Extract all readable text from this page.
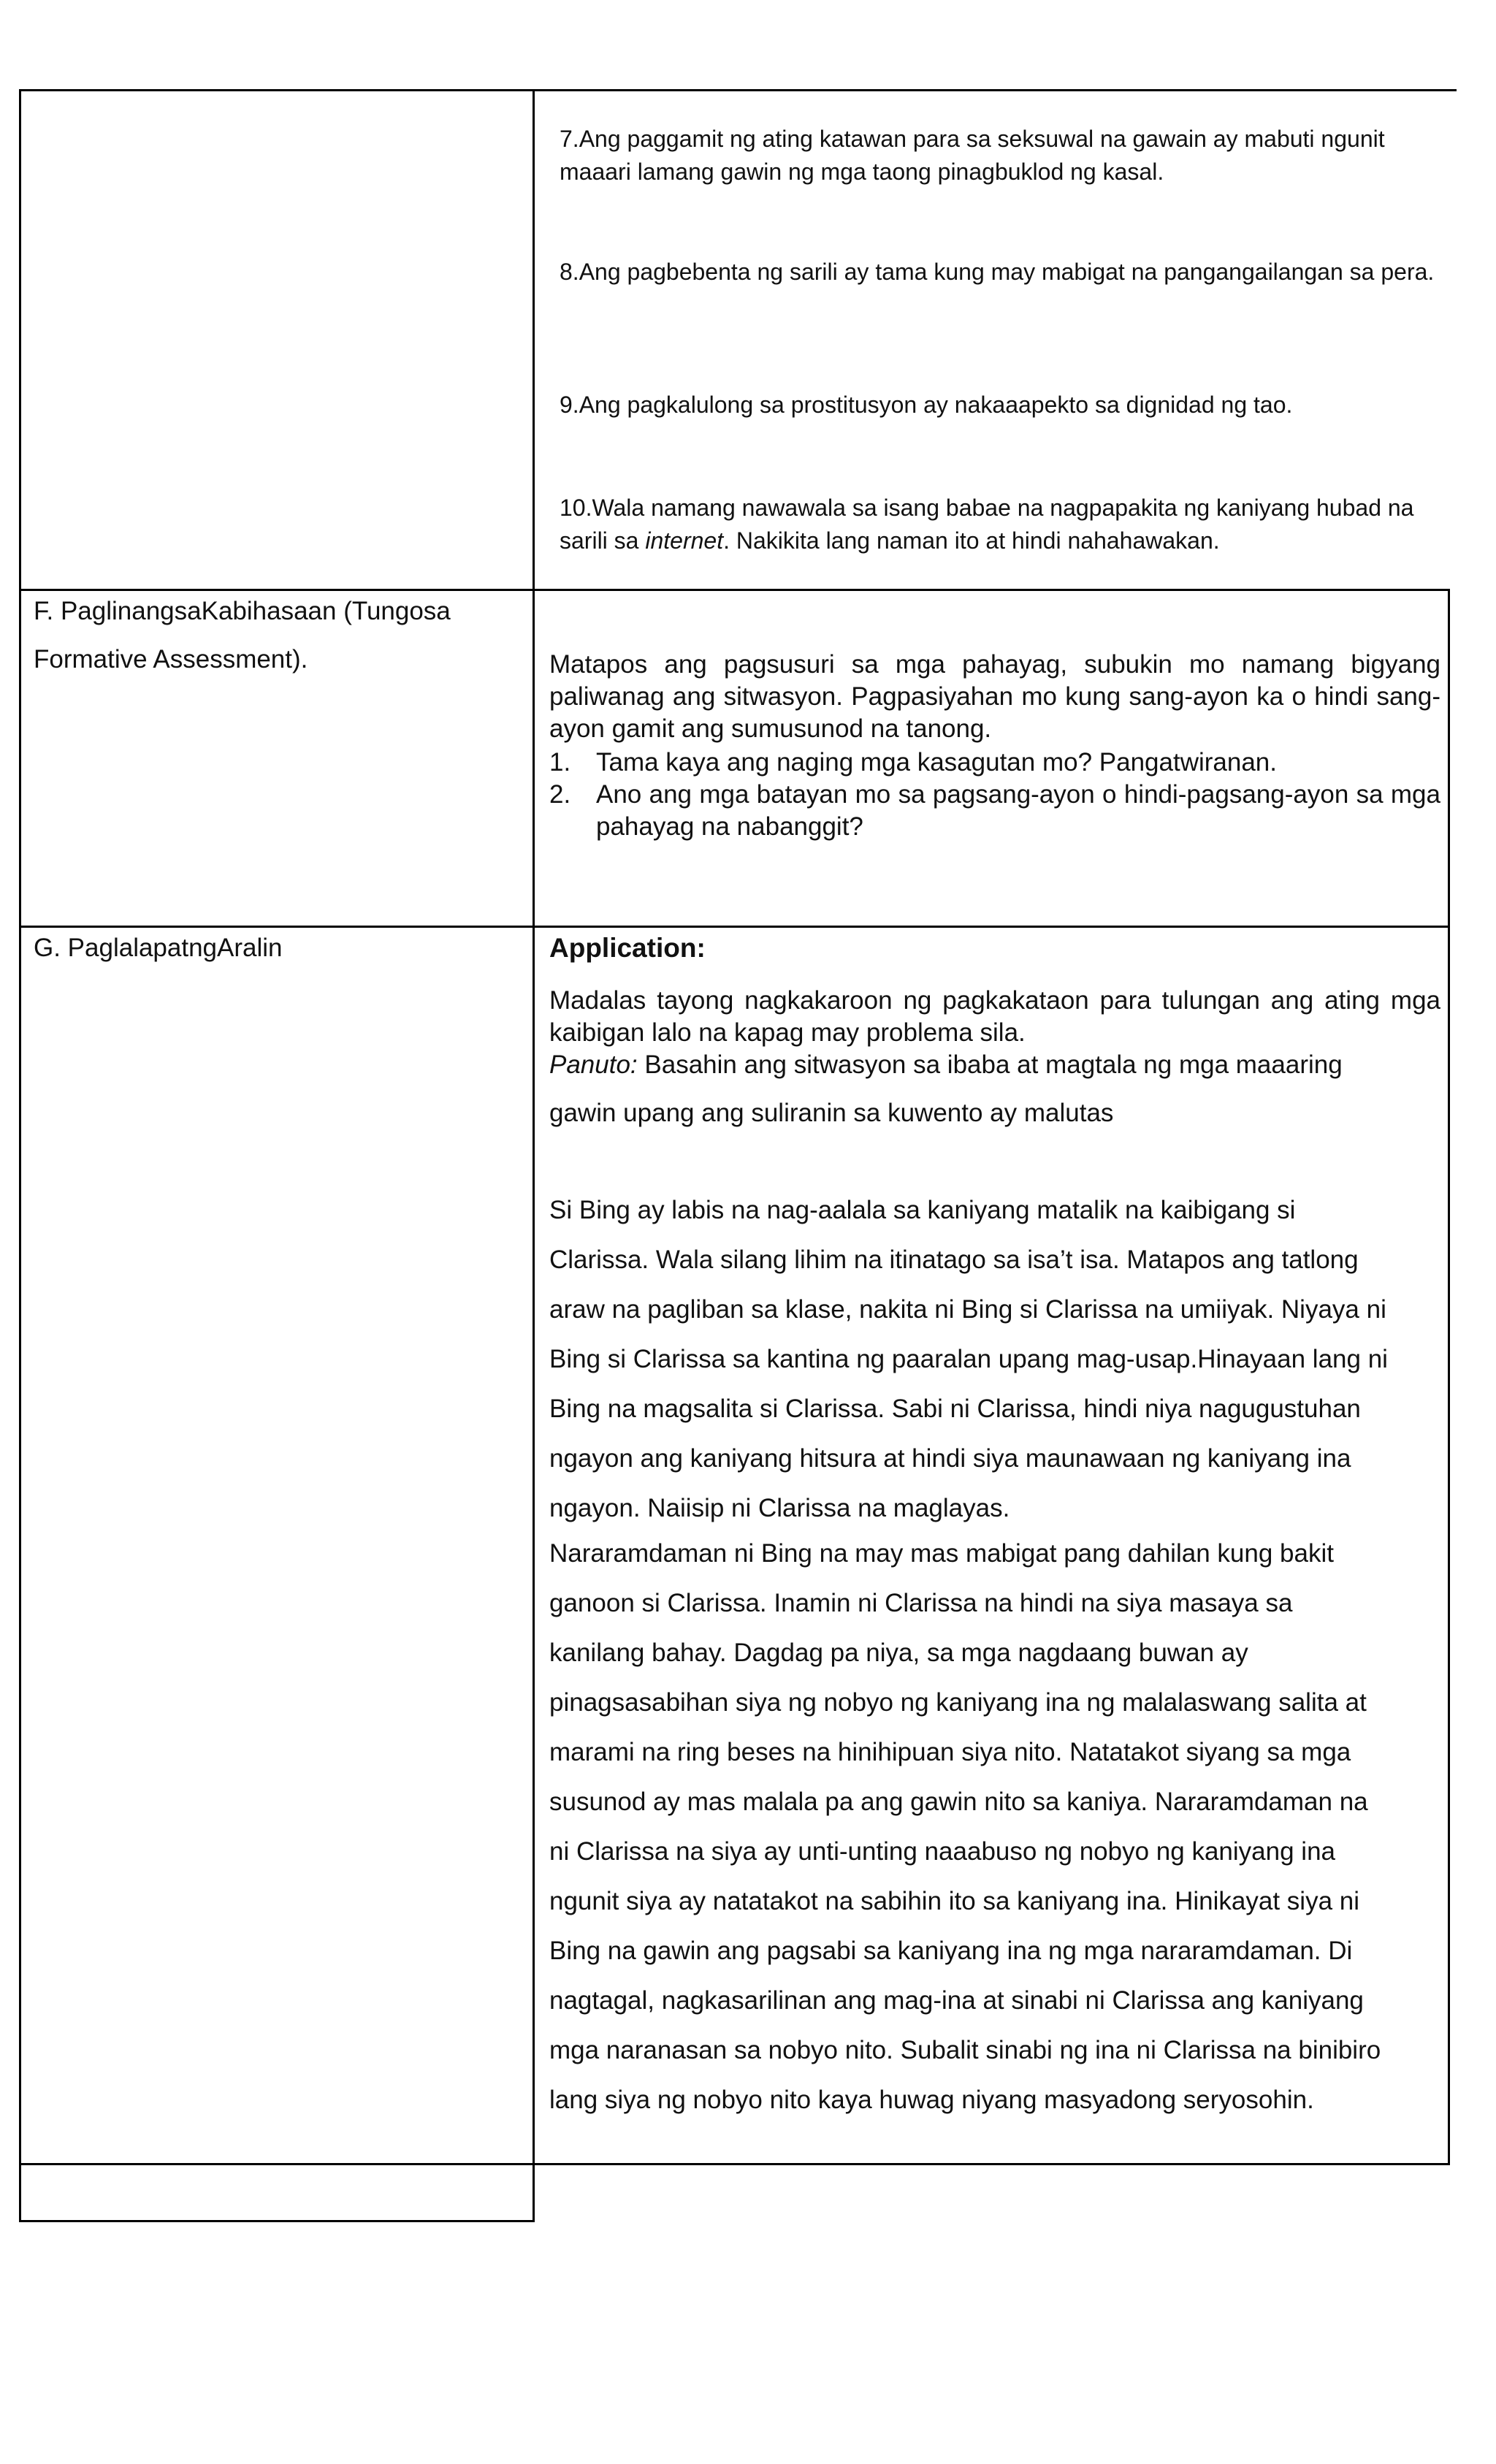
7.Ang paggamit ng ating katawan para sa seksuwal na gawain ay mabuti ngunit maaari lamang gawin ng mga taong pinagbuklod ng kasal.
8.Ang pagbebenta ng sarili ay tama kung may mabigat na pangangailangan sa pera.
9.Ang pagkalulong sa prostitusyon ay nakaaapekto sa dignidad ng tao.
10.Wala namang nawawala sa isang babae na nagpapakita ng kaniyang hubad na sarili sa internet. Nakikita lang naman ito at hindi nahahawakan.
F. PaglinangsaKabihasaan (Tungosa
Formative Assessment).	Matapos ang pagsusuri sa mga pahayag, subukin mo namang bigyang paliwanag ang sitwasyon. Pagpasiyahan mo kung sang-ayon ka o hindi sang-ayon gamit ang sumusunod na tanong.
1. Tama kaya ang naging mga kasagutan mo? Pangatwiranan.
2. Ano ang mga batayan mo sa pagsang-ayon o hindi-pagsang-ayon sa mga pahayag na nabanggit?
G. PaglalapatngAralin	Application:
Madalas tayong nagkakaroon ng pagkakataon para tulungan ang ating mga kaibigan lalo na kapag may problema sila.
Panuto: Basahin ang sitwasyon sa ibaba at magtala ng mga maaaring
gawin upang ang suliranin sa kuwento ay malutas
Si Bing ay labis na nag-aalala sa kaniyang matalik na kaibigang si
Clarissa. Wala silang lihim na itinatago sa isa’t isa. Matapos ang tatlong
araw na pagliban sa klase, nakita ni Bing si Clarissa na umiiyak. Niyaya ni
Bing si Clarissa sa kantina ng paaralan upang mag-usap.Hinayaan lang ni
Bing na magsalita si Clarissa. Sabi ni Clarissa, hindi niya nagugustuhan
ngayon ang kaniyang hitsura at hindi siya maunawaan ng kaniyang ina
ngayon. Naiisip ni Clarissa na maglayas.
Nararamdaman ni Bing na may mas mabigat pang dahilan kung bakit
ganoon si Clarissa. Inamin ni Clarissa na hindi na siya masaya sa
kanilang bahay. Dagdag pa niya, sa mga nagdaang buwan ay
pinagsasabihan siya ng nobyo ng kaniyang ina ng malalaswang salita at
marami na ring beses na hinihipuan siya nito. Natatakot siyang sa mga
susunod ay mas malala pa ang gawin nito sa kaniya. Nararamdaman na
ni Clarissa na siya ay unti-unting naaabuso ng nobyo ng kaniyang ina
ngunit siya ay natatakot na sabihin ito sa kaniyang ina. Hinikayat siya ni
Bing na gawin ang pagsabi sa kaniyang ina ng mga nararamdaman. Di
nagtagal, nagkasarilinan ang mag-ina at sinabi ni Clarissa ang kaniyang
mga naranasan sa nobyo nito. Subalit sinabi ng ina ni Clarissa na binibiro
lang siya ng nobyo nito kaya huwag niyang masyadong seryosohin.
